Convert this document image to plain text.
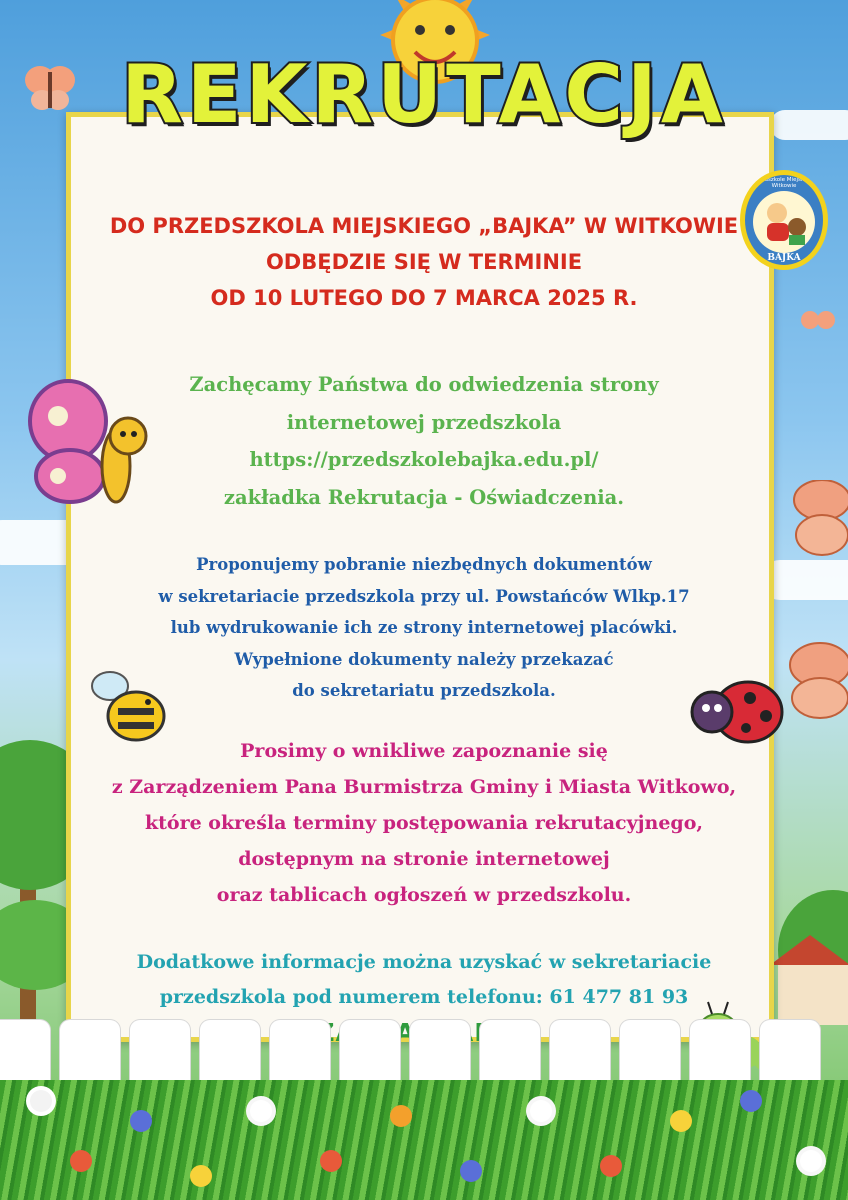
REKRUTACJA
Przedszkole Miejskie w Witkowie
BAJKA
DO PRZEDSZKOLA MIEJSKIEGO „BAJKA” W WITKOWIE
ODBĘDZIE SIĘ W TERMINIE
OD 10 LUTEGO DO 7 MARCA 2025 R.
Zachęcamy Państwa do odwiedzenia strony
internetowej przedszkola
https://przedszkolebajka.edu.pl/
zakładka Rekrutacja - Oświadczenia.
Proponujemy pobranie niezbędnych dokumentów
w sekretariacie przedszkola przy ul. Powstańców Wlkp.17
lub wydrukowanie ich ze strony internetowej placówki.
Wypełnione dokumenty należy przekazać
do sekretariatu przedszkola.
Prosimy o wnikliwe zapoznanie się
z Zarządzeniem Pana Burmistrza Gminy i Miasta Witkowo,
które określa terminy postępowania rekrutacyjnego,
dostępnym na stronie internetowej
oraz tablicach ogłoszeń w przedszkolu.
Dodatkowe informacje można uzyskać w sekretariacie
przedszkola pod numerem telefonu: 61 477 81 93
